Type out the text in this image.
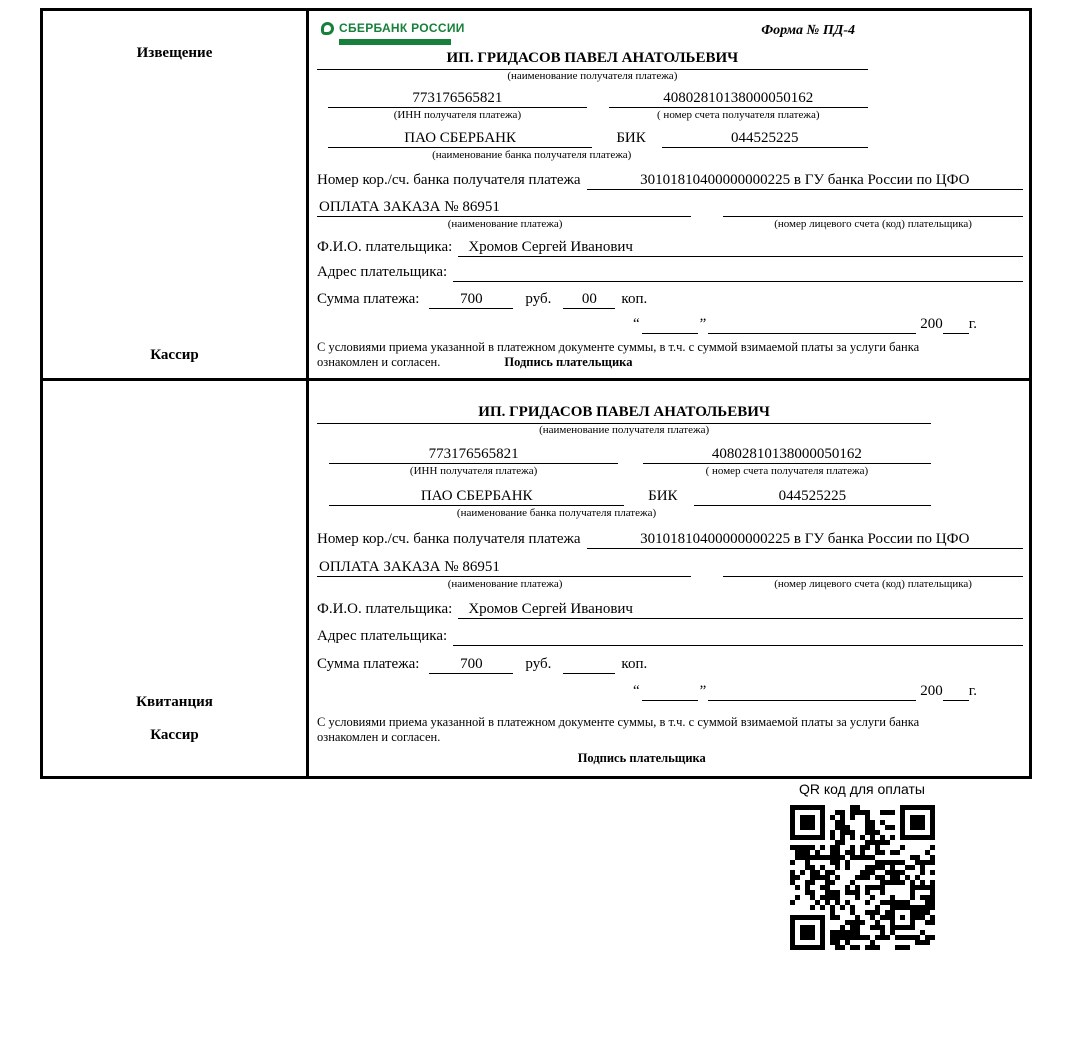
Извещение
Кассир
СБЕРБАНК РОССИИ	Форма № ПД-4
ИП. ГРИДАСОВ ПАВЕЛ АНАТОЛЬЕВИЧ
(наименование получателя платежа)
773176565821	40802810138000050162
(ИНН получателя платежа)	( номер счета получателя платежа)
ПАО СБЕРБАНК	БИК	044525225
(наименование банка получателя платежа)
Номер кор./сч. банка получателя платежа	30101810400000000225 в ГУ банка России по ЦФО
ОПЛАТА ЗАКАЗА № 86951
(наименование платежа)	(номер лицевого счета (код) плательщика)
Ф.И.О. плательщика:	Хромов Сергей Иванович
Адрес плательщика:
Сумма платежа:	700	руб.	00	коп.
“	”	200 г.
С условиями приема указанной в платежном документе суммы, в т.ч. с суммой взимаемой платы за услуги банка
ознакомлен и согласен.	Подпись плательщика
Квитанция
Кассир
ИП. ГРИДАСОВ ПАВЕЛ АНАТОЛЬЕВИЧ
(наименование получателя платежа)
773176565821	40802810138000050162
(ИНН получателя платежа)	( номер счета получателя платежа)
ПАО СБЕРБАНК	БИК	044525225
(наименование банка получателя платежа)
Номер кор./сч. банка получателя платежа	30101810400000000225 в ГУ банка России по ЦФО
ОПЛАТА ЗАКАЗА № 86951
(наименование платежа)	(номер лицевого счета (код) плательщика)
Ф.И.О. плательщика:	Хромов Сергей Иванович
Адрес плательщика:
Сумма платежа:	700	руб.	коп.
“	”	200 г.
С условиями приема указанной в платежном документе суммы, в т.ч. с суммой взимаемой платы за услуги банка
ознакомлен и согласен.
Подпись плательщика
QR код для оплаты
